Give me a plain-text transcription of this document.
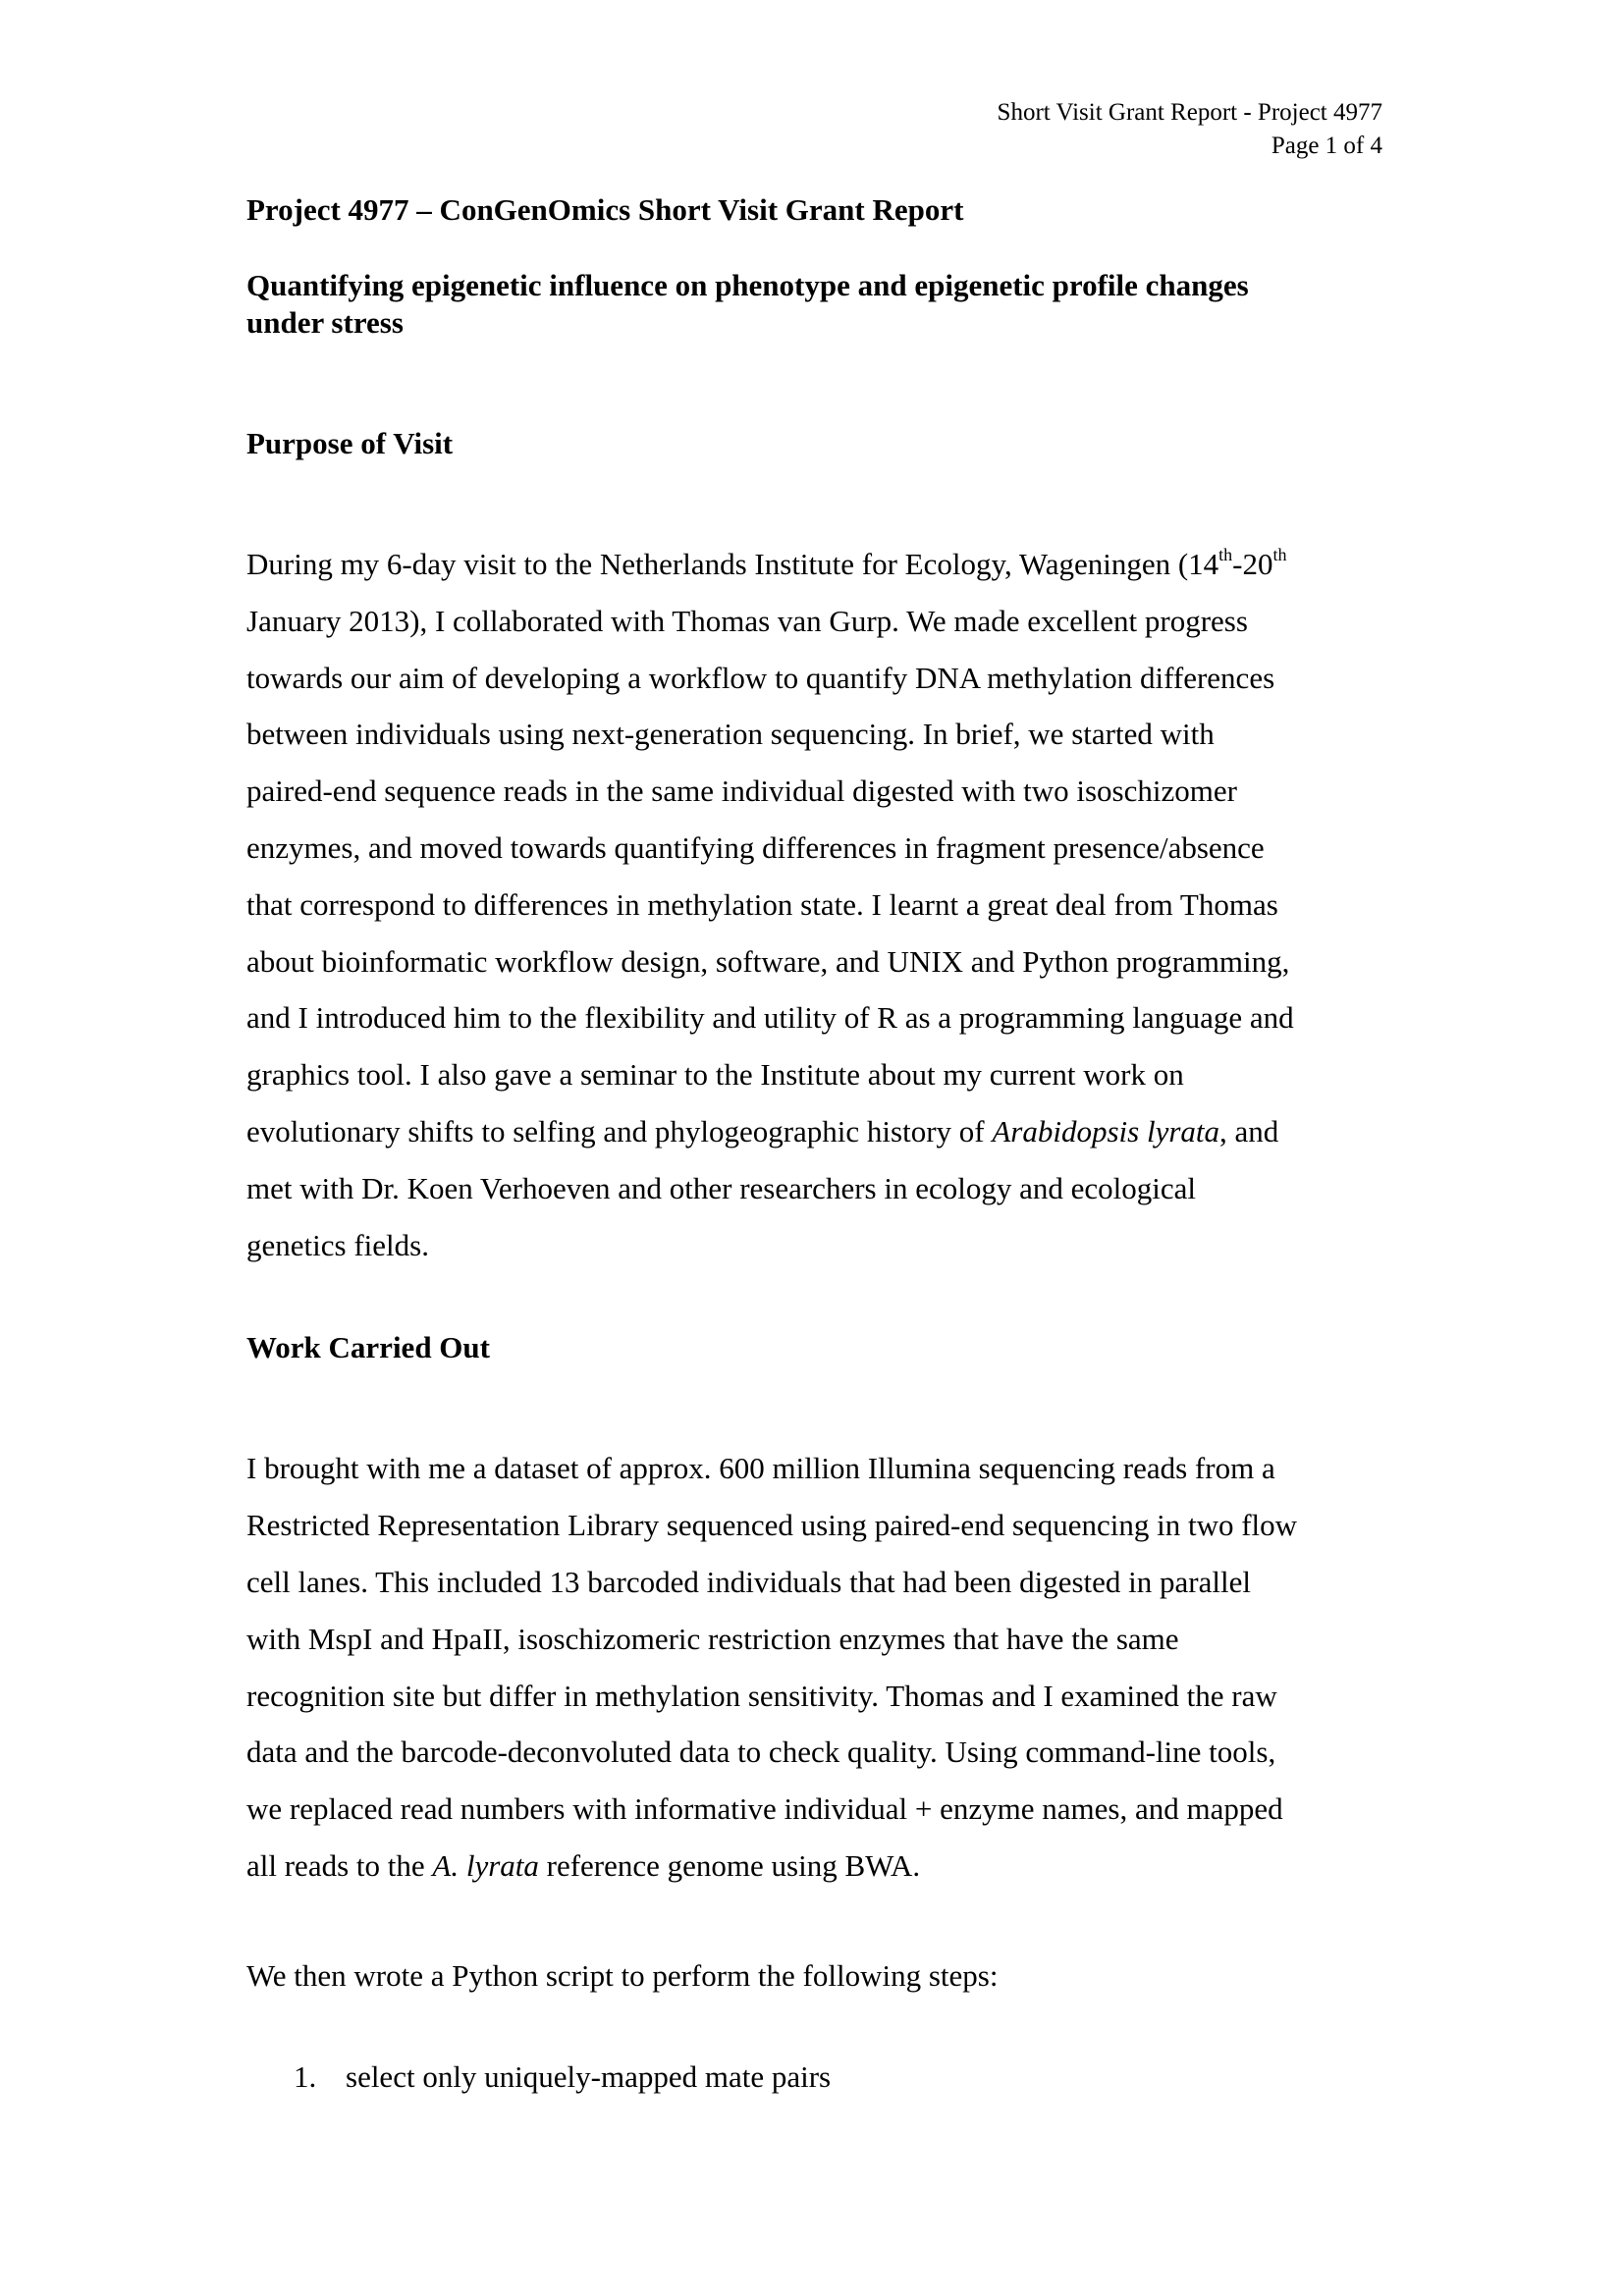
Short Visit Grant Report - Project 4977
Page 1 of 4
Project 4977 – ConGenOmics Short Visit Grant Report
Quantifying epigenetic influence on phenotype and epigenetic profile changes
under stress
Purpose of Visit

During my 6-day visit to the Netherlands Institute for Ecology, Wageningen (14th-20th
January 2013), I collaborated with Thomas van Gurp. We made excellent progress
towards our aim of developing a workflow to quantify DNA methylation differences
between individuals using next-generation sequencing. In brief, we started with
paired-end sequence reads in the same individual digested with two isoschizomer
enzymes, and moved towards quantifying differences in fragment presence/absence
that correspond to differences in methylation state. I learnt a great deal from Thomas
about bioinformatic workflow design, software, and UNIX and Python programming,
and I introduced him to the flexibility and utility of R as a programming language and
graphics tool. I also gave a seminar to the Institute about my current work on
evolutionary shifts to selfing and phylogeographic history of Arabidopsis lyrata, and
met with Dr. Koen Verhoeven and other researchers in ecology and ecological
genetics fields.

Work Carried Out

I brought with me a dataset of approx. 600 million Illumina sequencing reads from a
Restricted Representation Library sequenced using paired-end sequencing in two flow
cell lanes. This included 13 barcoded individuals that had been digested in parallel
with MspI and HpaII, isoschizomeric restriction enzymes that have the same
recognition site but differ in methylation sensitivity. Thomas and I examined the raw
data and the barcode-deconvoluted data to check quality. Using command-line tools,
we replaced read numbers with informative individual + enzyme names, and mapped
all reads to the A. lyrata reference genome using BWA.

We then wrote a Python script to perform the following steps:

1. select only uniquely-mapped mate pairs
